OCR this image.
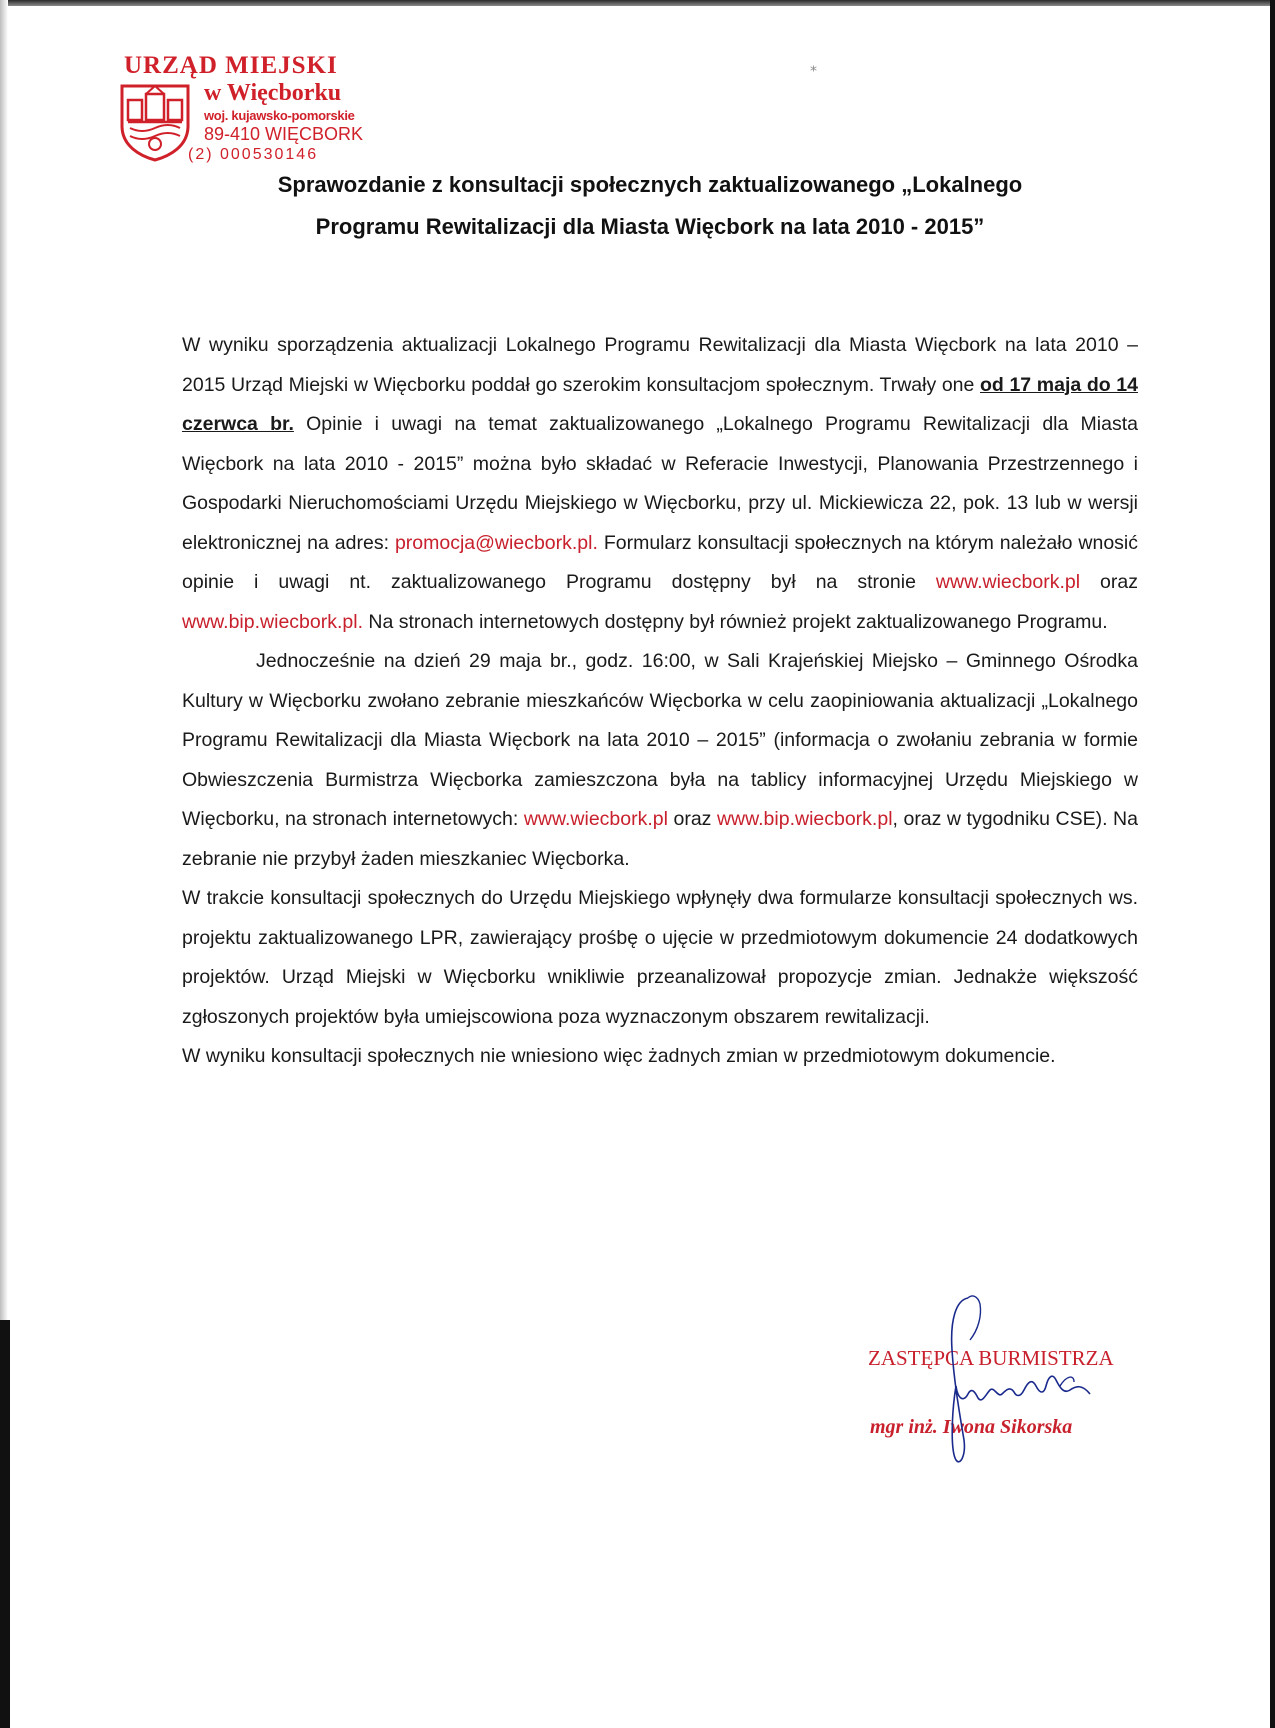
⁎
URZĄD MIEJSKI
w Więcborku
woj. kujawsko-pomorskie
89-410 WIĘCBORK
(2) 000530146
Sprawozdanie z konsultacji społecznych zaktualizowanego „Lokalnego
Programu Rewitalizacji dla Miasta Więcbork na lata 2010 - 2015”

W wyniku sporządzenia aktualizacji Lokalnego Programu Rewitalizacji dla Miasta Więcbork na lata 2010 – 2015 Urząd Miejski w Więcborku poddał go szerokim konsultacjom społecznym. Trwały one od 17 maja do 14 czerwca br. Opinie i uwagi na temat zaktualizowanego „Lokalnego Programu Rewitalizacji dla Miasta Więcbork na lata 2010 - 2015” można było składać w Referacie Inwestycji, Planowania Przestrzennego i Gospodarki Nieruchomościami Urzędu Miejskiego w Więcborku, przy ul. Mickiewicza 22, pok. 13 lub w wersji elektronicznej na adres: promocja@wiecbork.pl. Formularz konsultacji społecznych na którym należało wnosić opinie i uwagi nt. zaktualizowanego Programu dostępny był na stronie www.wiecbork.pl oraz www.bip.wiecbork.pl. Na stronach internetowych dostępny był również projekt zaktualizowanego Programu.

Jednocześnie na dzień 29 maja br., godz. 16:00, w Sali Krajeńskiej Miejsko – Gminnego Ośrodka Kultury w Więcborku zwołano zebranie mieszkańców Więcborka w celu zaopiniowania aktualizacji „Lokalnego Programu Rewitalizacji dla Miasta Więcbork na lata 2010 – 2015” (informacja o zwołaniu zebrania w formie Obwieszczenia Burmistrza Więcborka zamieszczona była na tablicy informacyjnej Urzędu Miejskiego w Więcborku, na stronach internetowych: www.wiecbork.pl oraz www.bip.wiecbork.pl, oraz w tygodniku CSE). Na zebranie nie przybył żaden mieszkaniec Więcborka.

W trakcie konsultacji społecznych do Urzędu Miejskiego wpłynęły dwa formularze konsultacji społecznych ws. projektu zaktualizowanego LPR, zawierający prośbę o ujęcie w przedmiotowym dokumencie 24 dodatkowych projektów. Urząd Miejski w Więcborku wnikliwie przeanalizował propozycje zmian. Jednakże większość zgłoszonych projektów była umiejscowiona poza wyznaczonym obszarem rewitalizacji.

W wyniku konsultacji społecznych nie wniesiono więc żadnych zmian w przedmiotowym dokumencie.

ZASTĘPCA BURMISTRZA
mgr inż. Iwona Sikorska
